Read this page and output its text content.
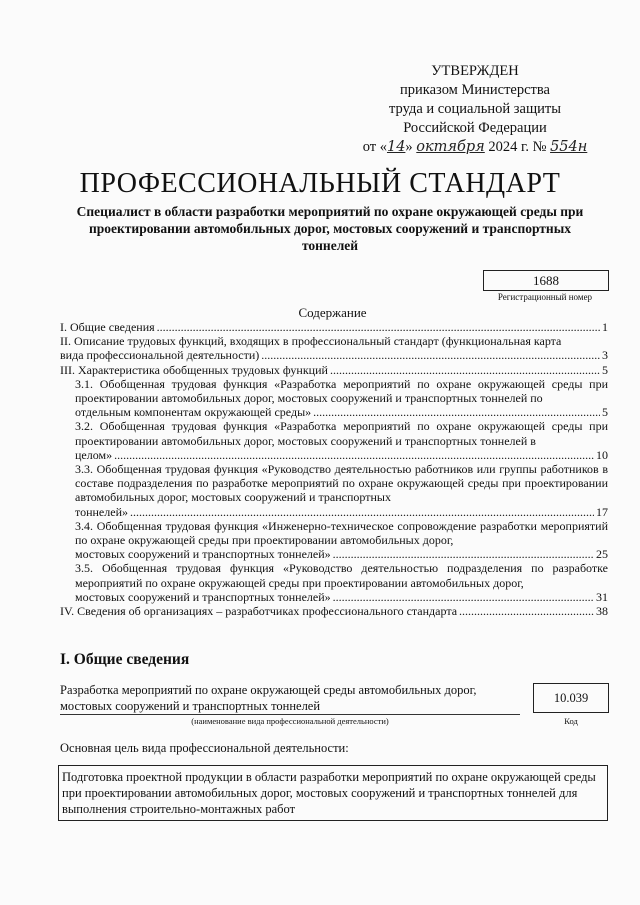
УТВЕРЖДЕН
приказом Министерства
труда и социальной защиты
Российской Федерации
от «14» октября 2024 г. № 554н
ПРОФЕССИОНАЛЬНЫЙ СТАНДАРТ
Специалист в области разработки мероприятий по охране окружающей среды при проектировании автомобильных дорог, мостовых сооружений и транспортных тоннелей
1688
Регистрационный номер
Содержание
I. Общие сведения .....	1
II. Описание трудовых функций, входящих в профессиональный стандарт (функциональная карта
вида профессиональной деятельности) .....	3
III. Характеристика обобщенных трудовых функций .....	5
3.1. Обобщенная трудовая функция «Разработка мероприятий по охране окружающей среды при проектировании автомобильных дорог, мостовых сооружений и транспортных тоннелей по
отдельным компонентам окружающей среды» .....	5
3.2. Обобщенная трудовая функция «Разработка мероприятий по охране окружающей среды при проектировании автомобильных дорог, мостовых сооружений и транспортных тоннелей в
целом» .....	10
3.3. Обобщенная трудовая функция «Руководство деятельностью работников или группы работников в составе подразделения по разработке мероприятий по охране окружающей среды при проектировании автомобильных дорог, мостовых сооружений и транспортных
тоннелей» .....	17
3.4. Обобщенная трудовая функция «Инженерно-техническое сопровождение разработки мероприятий по охране окружающей среды при проектировании автомобильных дорог,
мостовых сооружений и транспортных тоннелей» .....	25
3.5. Обобщенная трудовая функция «Руководство деятельностью подразделения по разработке мероприятий по охране окружающей среды при проектировании автомобильных дорог,
мостовых сооружений и транспортных тоннелей» .....	31
IV. Сведения об организациях – разработчиках профессионального стандарта .....	38
I. Общие сведения
Разработка мероприятий по охране окружающей среды автомобильных дорог, мостовых сооружений и транспортных тоннелей
(наименование вида профессиональной деятельности)
10.039
Код
Основная цель вида профессиональной деятельности:
Подготовка проектной продукции в области разработки мероприятий по охране окружающей среды при проектировании автомобильных дорог, мостовых сооружений и транспортных тоннелей для выполнения строительно-монтажных работ
